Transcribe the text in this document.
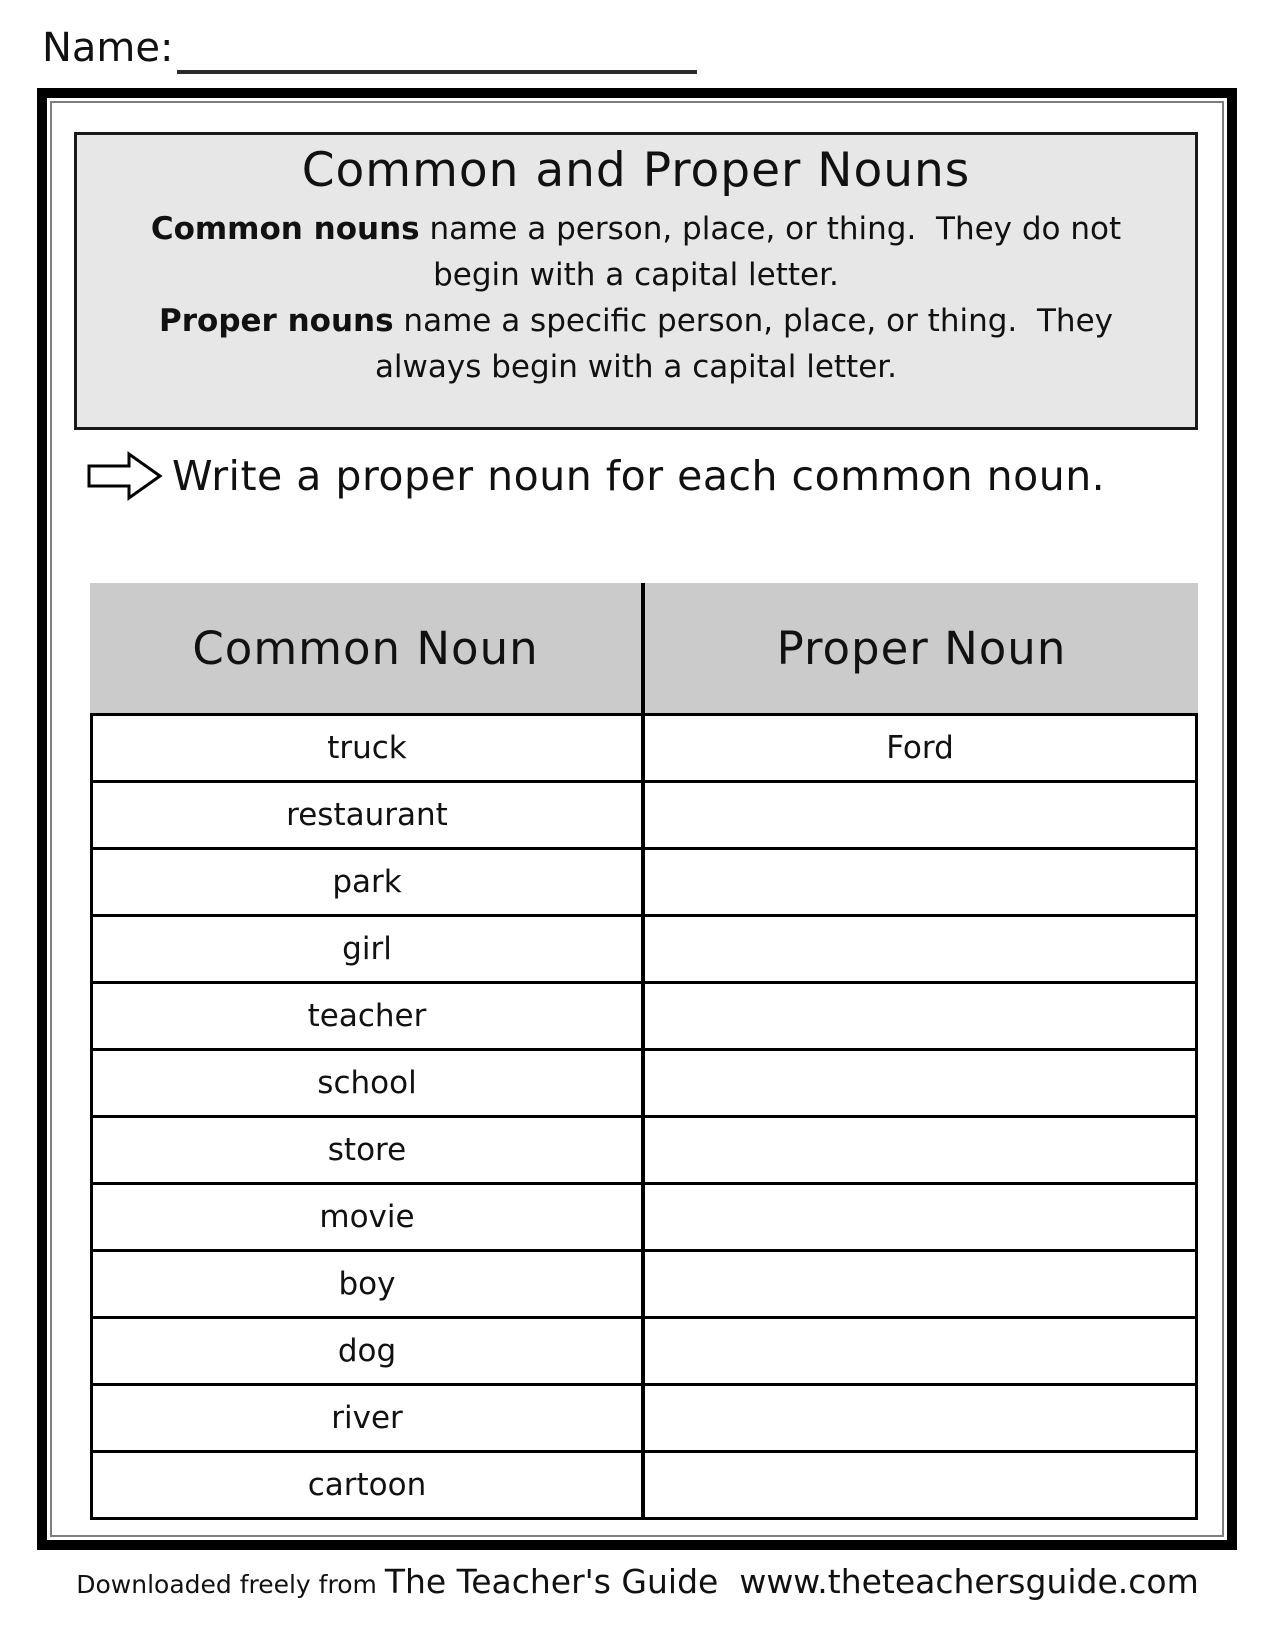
Name:
Common and Proper Nouns
Common nouns name a person, place, or thing.  They do not
begin with a capital letter.
Proper nouns name a specific person, place, or thing.  They
always begin with a capital letter.
Write a proper noun for each common noun.
Common Noun	Proper Noun
truck	Ford
restaurant
park
girl
teacher
school
store
movie
boy
dog
river
cartoon
Downloaded freely from The Teacher's Guide www.theteachersguide.com
